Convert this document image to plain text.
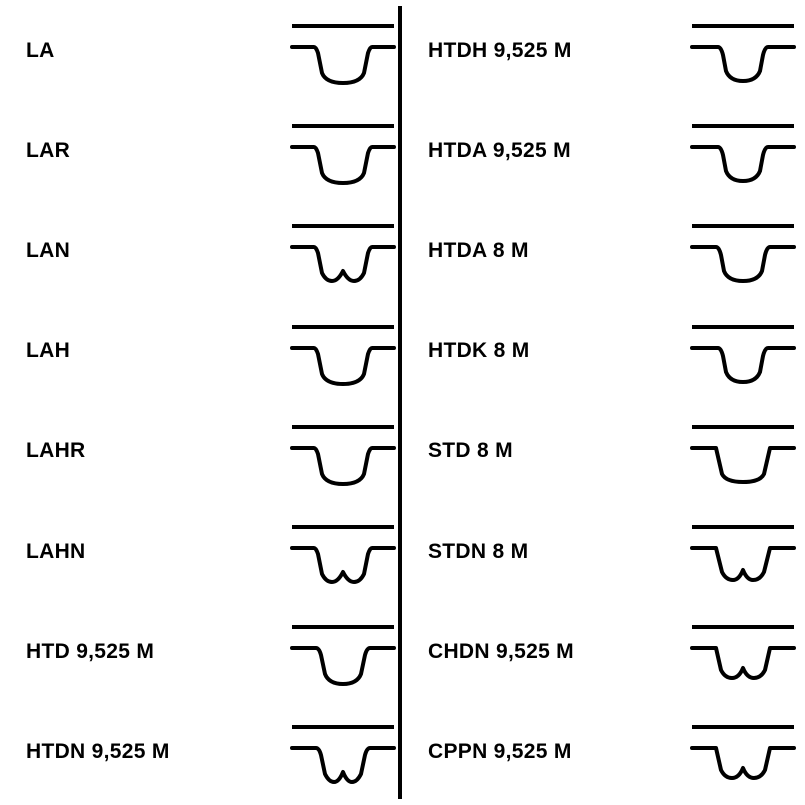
LA
LAR
LAN
LAH
LAHR
LAHN
HTD 9,525 M
HTDN 9,525 M
HTDH 9,525 M
HTDA 9,525 M
HTDA 8 M
HTDK 8 M
STD 8 M
STDN 8 M
CHDN 9,525 M
CPPN 9,525 M
